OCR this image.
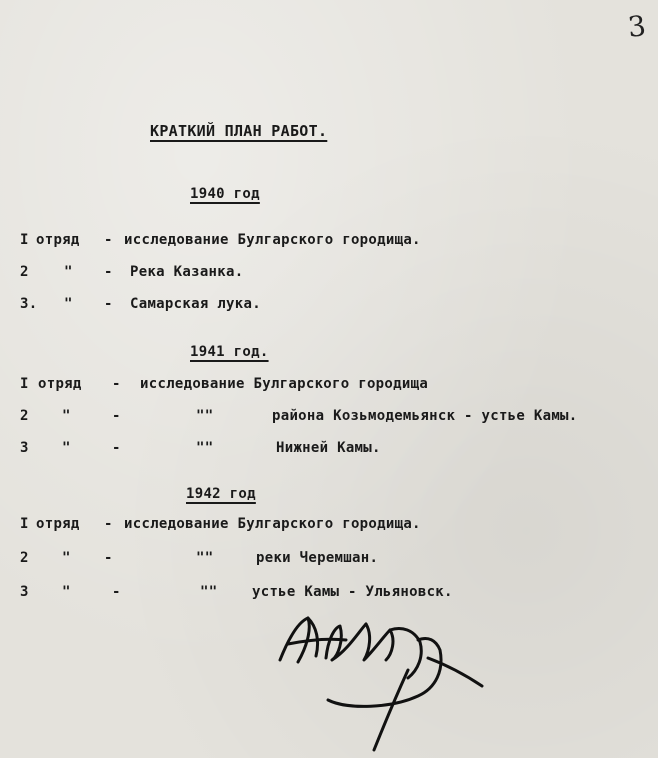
3
КРАТКИЙ ПЛАН РАБОТ.
1940 год
I отряд - исследование Булгарского городища.
2	" - Река Казанка.
3. " - Самарская лука.
1941 год.
I отряд - исследование Булгарского городища
2 "	-	""	района Козьмодемьянск - устье Камы.
3 "	-	""	Нижней Камы.
1942 год
I отряд - исследование Булгарского городища.
2 " -	""	реки Черемшан.
3 "	-	"" устье Камы - Ульяновск.
